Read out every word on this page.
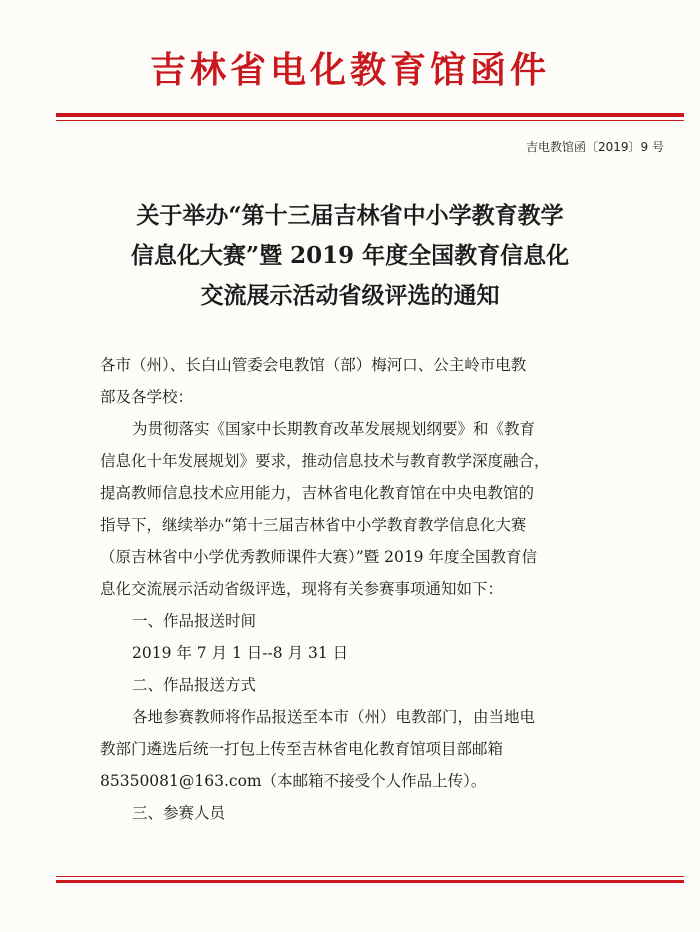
吉林省电化教育馆函件
吉电教馆函〔2019〕9 号
关于举办“第十三届吉林省中小学教育教学
信息化大赛”暨 2019 年度全国教育信息化
交流展示活动省级评选的通知
各市（州）、长白山管委会电教馆（部）梅河口、公主岭市电教
部及各学校：
为贯彻落实《国家中长期教育改革发展规划纲要》和《教育
信息化十年发展规划》要求，推动信息技术与教育教学深度融合，
提高教师信息技术应用能力，吉林省电化教育馆在中央电教馆的
指导下，继续举办“第十三届吉林省中小学教育教学信息化大赛
（原吉林省中小学优秀教师课件大赛）”暨 2019 年度全国教育信
息化交流展示活动省级评选，现将有关参赛事项通知如下：
一、作品报送时间
2019 年 7 月 1 日--8 月 31 日
二、作品报送方式
各地参赛教师将作品报送至本市（州）电教部门，由当地电
教部门遴选后统一打包上传至吉林省电化教育馆项目部邮箱
85350081@163.com（本邮箱不接受个人作品上传）。
三、参赛人员
